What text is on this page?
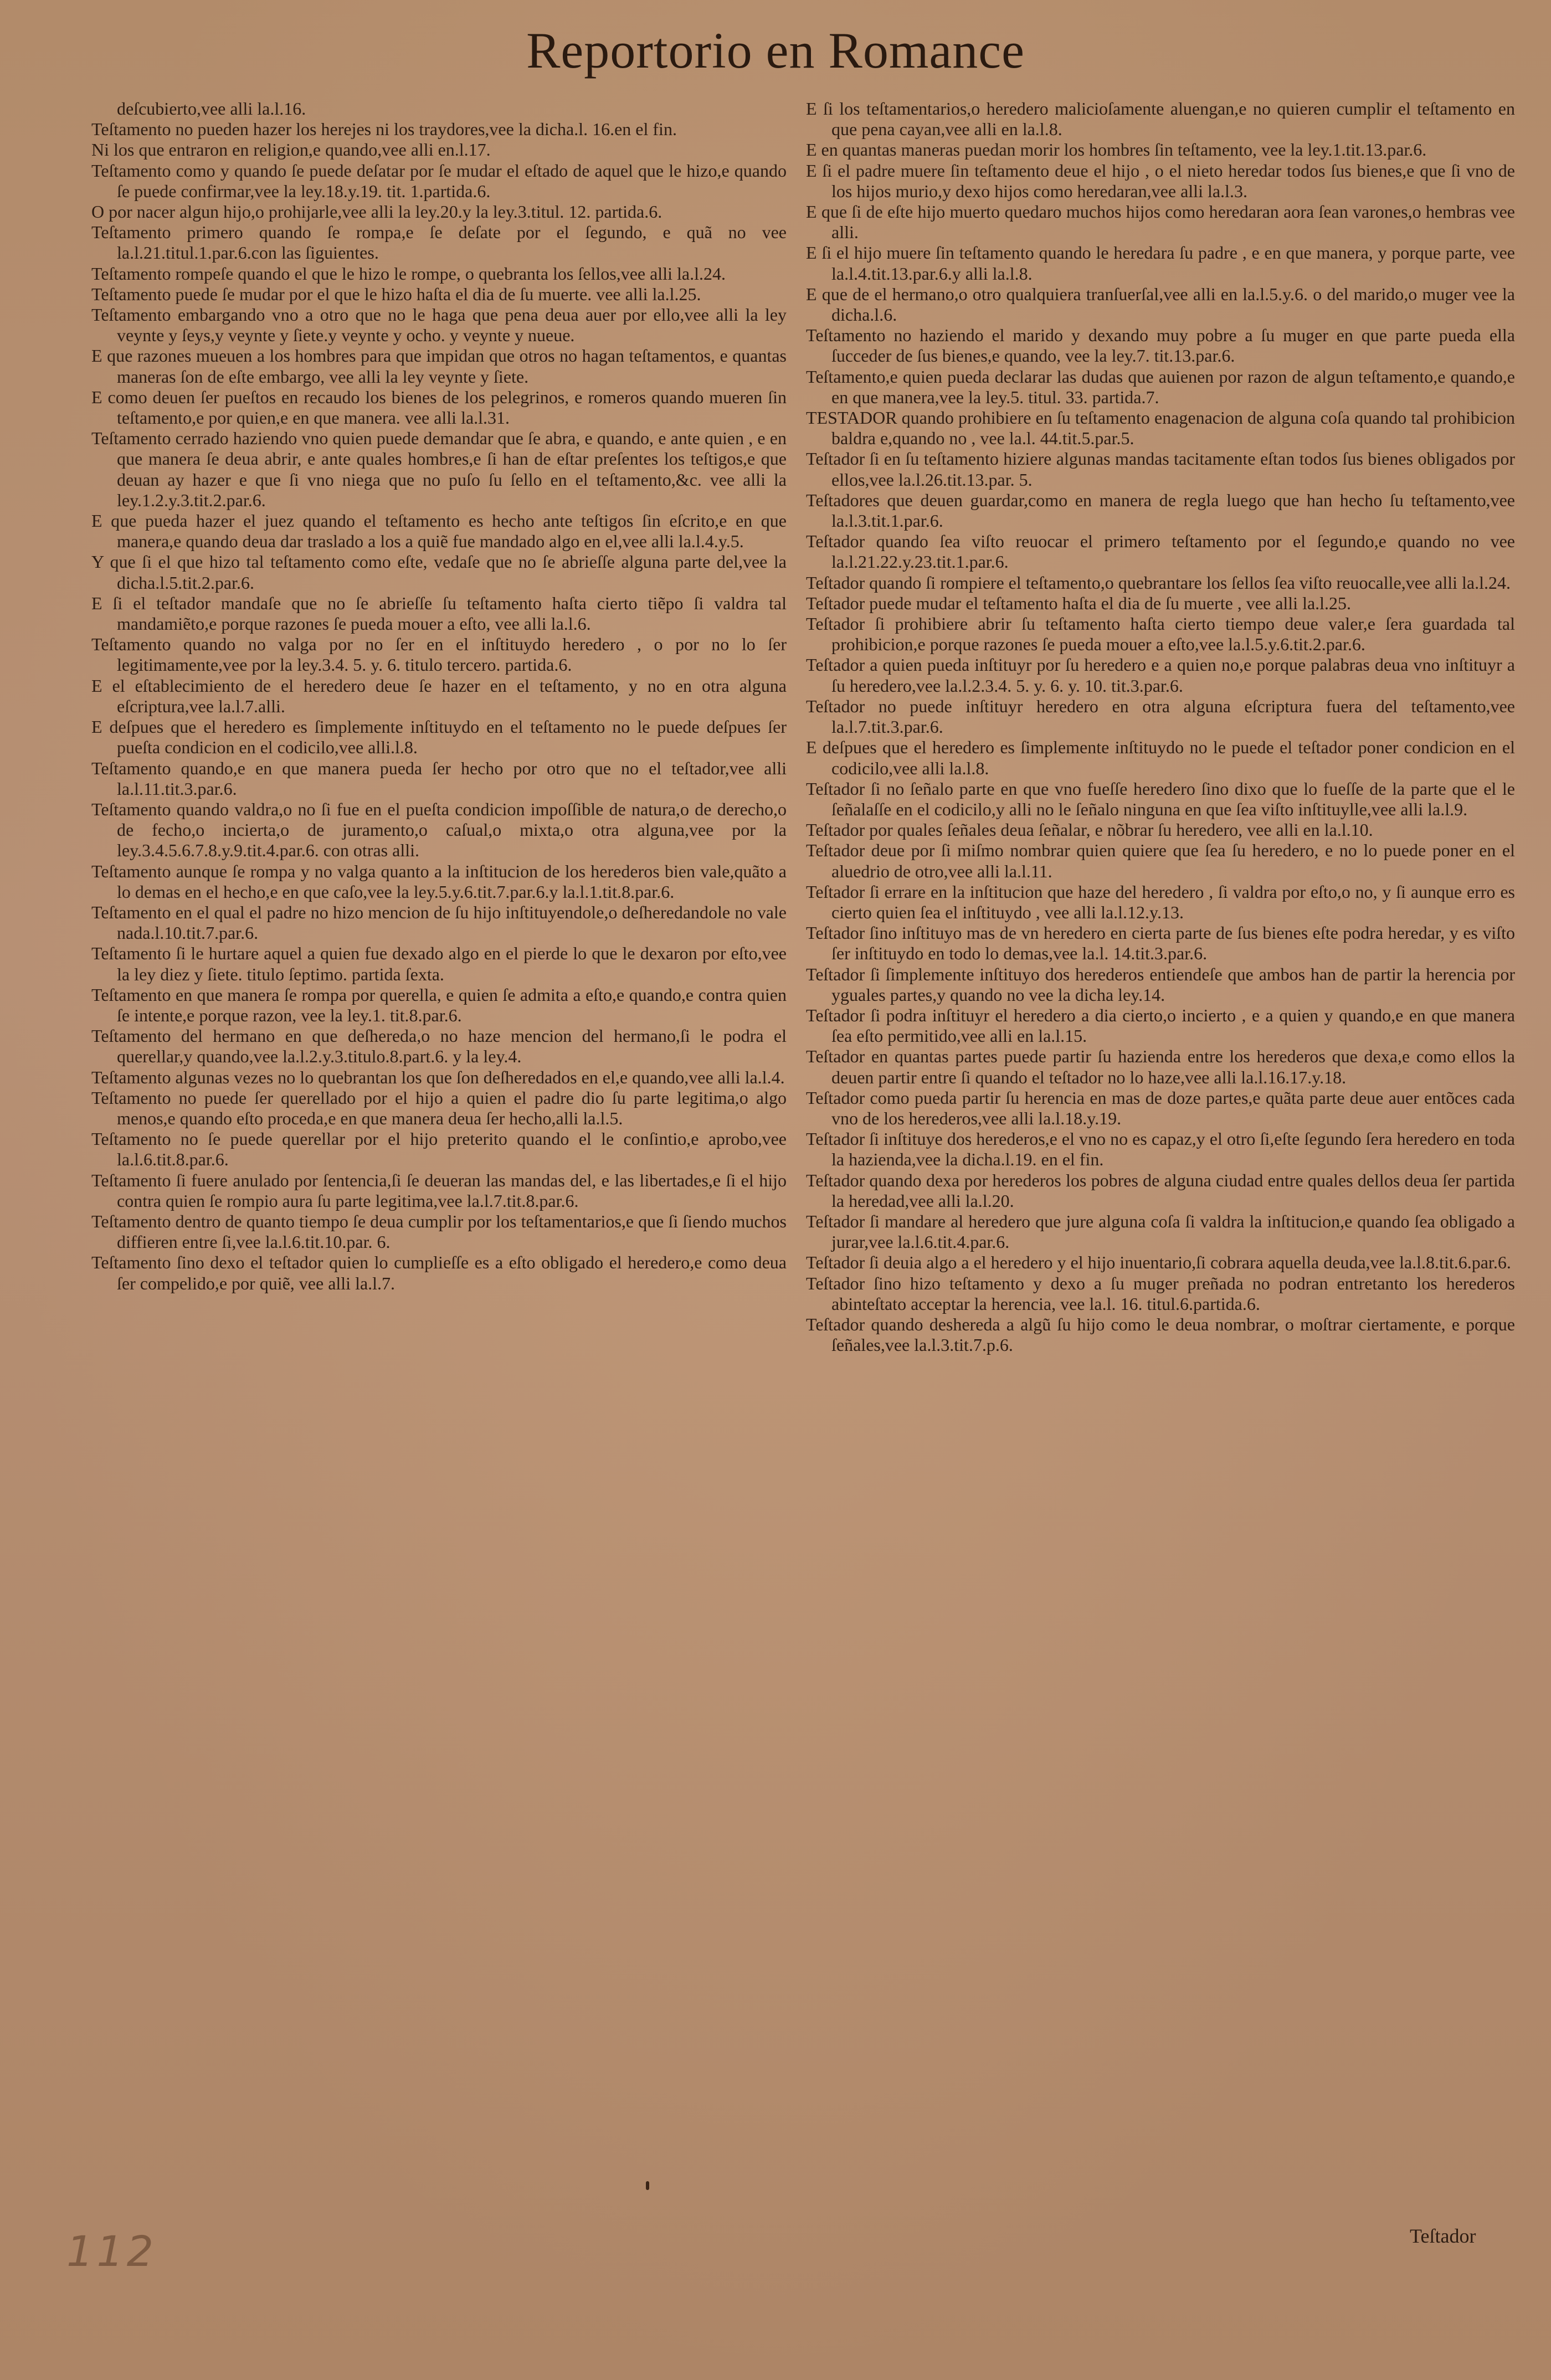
Reportorio en Romance

deſcubierto,vee alli la.l.16.

Teſtamento no pueden hazer los herejes ni los traydores,vee la dicha.l. 16.en el fin.

Ni los que entraron en religion,e quando,vee alli en.l.17.

Teſtamento como y quando ſe puede deſatar por ſe mudar el eſtado de aquel que le hizo,e quando ſe puede confirmar,vee la ley.18.y.19. tit. 1.partida.6.

O por nacer algun hijo,o prohijarle,vee alli la ley.20.y la ley.3.titul. 12. partida.6.

Teſtamento primero quando ſe rompa,e ſe deſate por el ſegundo, e quã no vee la.l.21.titul.1.par.6.con las ſiguientes.

Teſtamento rompeſe quando el que le hizo le rompe, o quebranta los ſellos,vee alli la.l.24.

Teſtamento puede ſe mudar por el que le hizo haſta el dia de ſu muerte. vee alli la.l.25.

Teſtamento embargando vno a otro que no le haga que pena deua auer por ello,vee alli la ley veynte y ſeys,y veynte y ſiete.y veynte y ocho. y veynte y nueue.

E que razones mueuen a los hombres para que impidan que otros no hagan teſtamentos, e quantas maneras ſon de eſte embargo, vee alli la ley veynte y ſiete.

E como deuen ſer pueſtos en recaudo los bienes de los pelegrinos, e romeros quando mueren ſin teſtamento,e por quien,e en que manera. vee alli la.l.31.

Teſtamento cerrado haziendo vno quien puede demandar que ſe abra, e quando, e ante quien , e en que manera ſe deua abrir, e ante quales hombres,e ſi han de eſtar preſentes los teſtigos,e que deuan ay hazer e que ſi vno niega que no puſo ſu ſello en el teſtamento,&c. vee alli la ley.1.2.y.3.tit.2.par.6.

E que pueda hazer el juez quando el teſtamento es hecho ante teſtigos ſin eſcrito,e en que manera,e quando deua dar traslado a los a quiẽ fue mandado algo en el,vee alli la.l.4.y.5.

Y que ſi el que hizo tal teſtamento como eſte, vedaſe que no ſe abrieſſe alguna parte del,vee la dicha.l.5.tit.2.par.6.

E ſi el teſtador mandaſe que no ſe abrieſſe ſu teſtamento haſta cierto tiẽpo ſi valdra tal mandamiẽto,e porque razones ſe pueda mouer a eſto, vee alli la.l.6.

Teſtamento quando no valga por no ſer en el inſtituydo heredero , o por no lo ſer legitimamente,vee por la ley.3.4. 5. y. 6. titulo tercero. partida.6.

E el eſtablecimiento de el heredero deue ſe hazer en el teſtamento, y no en otra alguna eſcriptura,vee la.l.7.alli.

E deſpues que el heredero es ſimplemente inſtituydo en el teſtamento no le puede deſpues ſer pueſta condicion en el codicilo,vee alli.l.8.

Teſtamento quando,e en que manera pueda ſer hecho por otro que no el teſtador,vee alli la.l.11.tit.3.par.6.

Teſtamento quando valdra,o no ſi fue en el pueſta condicion impoſſible de natura,o de derecho,o de fecho,o incierta,o de juramento,o caſual,o mixta,o otra alguna,vee por la ley.3.4.5.6.7.8.y.9.tit.4.par.6. con otras alli.

Teſtamento aunque ſe rompa y no valga quanto a la inſtitucion de los herederos bien vale,quãto a lo demas en el hecho,e en que caſo,vee la ley.5.y.6.tit.7.par.6.y la.l.1.tit.8.par.6.

Teſtamento en el qual el padre no hizo mencion de ſu hijo inſtituyendole,o deſheredandole no vale nada.l.10.tit.7.par.6.

Teſtamento ſi le hurtare aquel a quien fue dexado algo en el pierde lo que le dexaron por eſto,vee la ley diez y ſiete. titulo ſeptimo. partida ſexta.

Teſtamento en que manera ſe rompa por querella, e quien ſe admita a eſto,e quando,e contra quien ſe intente,e porque razon, vee la ley.1. tit.8.par.6.

Teſtamento del hermano en que deſhereda,o no haze mencion del hermano,ſi le podra el querellar,y quando,vee la.l.2.y.3.titulo.8.part.6. y la ley.4.

Teſtamento algunas vezes no lo quebrantan los que ſon deſheredados en el,e quando,vee alli la.l.4.

Teſtamento no puede ſer querellado por el hijo a quien el padre dio ſu parte legitima,o algo menos,e quando eſto proceda,e en que manera deua ſer hecho,alli la.l.5.

Teſtamento no ſe puede querellar por el hijo preterito quando el le conſintio,e aprobo,vee la.l.6.tit.8.par.6.

Teſtamento ſi fuere anulado por ſentencia,ſi ſe deueran las mandas del, e las libertades,e ſi el hijo contra quien ſe rompio aura ſu parte legitima,vee la.l.7.tit.8.par.6.

Teſtamento dentro de quanto tiempo ſe deua cumplir por los teſtamentarios,e que ſi ſiendo muchos diffieren entre ſi,vee la.l.6.tit.10.par. 6.

Teſtamento ſino dexo el teſtador quien lo cumplieſſe es a eſto obligado el heredero,e como deua ſer compelido,e por quiẽ, vee alli la.l.7.

E ſi los teſtamentarios,o heredero malicioſamente aluengan,e no quieren cumplir el teſtamento en que pena cayan,vee alli en la.l.8.

E en quantas maneras puedan morir los hombres ſin teſtamento, vee la ley.1.tit.13.par.6.

E ſi el padre muere ſin teſtamento deue el hijo , o el nieto heredar todos ſus bienes,e que ſi vno de los hijos murio,y dexo hijos como heredaran,vee alli la.l.3.

E que ſi de eſte hijo muerto quedaro muchos hijos como heredaran aora ſean varones,o hembras vee alli.

E ſi el hijo muere ſin teſtamento quando le heredara ſu padre , e en que manera, y porque parte, vee la.l.4.tit.13.par.6.y alli la.l.8.

E que de el hermano,o otro qualquiera tranſuerſal,vee alli en la.l.5.y.6. o del marido,o muger vee la dicha.l.6.

Teſtamento no haziendo el marido y dexando muy pobre a ſu muger en que parte pueda ella ſucceder de ſus bienes,e quando, vee la ley.7. tit.13.par.6.

Teſtamento,e quien pueda declarar las dudas que auienen por razon de algun teſtamento,e quando,e en que manera,vee la ley.5. titul. 33. partida.7.

TESTADOR quando prohibiere en ſu teſtamento enagenacion de alguna coſa quando tal prohibicion baldra e,quando no , vee la.l. 44.tit.5.par.5.

Teſtador ſi en ſu teſtamento hiziere algunas mandas tacitamente eſtan todos ſus bienes obligados por ellos,vee la.l.26.tit.13.par. 5.

Teſtadores que deuen guardar,como en manera de regla luego que han hecho ſu teſtamento,vee la.l.3.tit.1.par.6.

Teſtador quando ſea viſto reuocar el primero teſtamento por el ſegundo,e quando no vee la.l.21.22.y.23.tit.1.par.6.

Teſtador quando ſi rompiere el teſtamento,o quebrantare los ſellos ſea viſto reuocalle,vee alli la.l.24.

Teſtador puede mudar el teſtamento haſta el dia de ſu muerte , vee alli la.l.25.

Teſtador ſi prohibiere abrir ſu teſtamento haſta cierto tiempo deue valer,e ſera guardada tal prohibicion,e porque razones ſe pueda mouer a eſto,vee la.l.5.y.6.tit.2.par.6.

Teſtador a quien pueda inſtituyr por ſu heredero e a quien no,e porque palabras deua vno inſtituyr a ſu heredero,vee la.l.2.3.4. 5. y. 6. y. 10. tit.3.par.6.

Teſtador no puede inſtituyr heredero en otra alguna eſcriptura fuera del teſtamento,vee la.l.7.tit.3.par.6.

E deſpues que el heredero es ſimplemente inſtituydo no le puede el teſtador poner condicion en el codicilo,vee alli la.l.8.

Teſtador ſi no ſeñalo parte en que vno fueſſe heredero ſino dixo que lo fueſſe de la parte que el le ſeñalaſſe en el codicilo,y alli no le ſeñalo ninguna en que ſea viſto inſtituylle,vee alli la.l.9.

Teſtador por quales ſeñales deua ſeñalar, e nõbrar ſu heredero, vee alli en la.l.10.

Teſtador deue por ſi miſmo nombrar quien quiere que ſea ſu heredero, e no lo puede poner en el aluedrio de otro,vee alli la.l.11.

Teſtador ſi errare en la inſtitucion que haze del heredero , ſi valdra por eſto,o no, y ſi aunque erro es cierto quien ſea el inſtituydo , vee alli la.l.12.y.13.

Teſtador ſino inſtituyo mas de vn heredero en cierta parte de ſus bienes eſte podra heredar, y es viſto ſer inſtituydo en todo lo demas,vee la.l. 14.tit.3.par.6.

Teſtador ſi ſimplemente inſtituyo dos herederos entiendeſe que ambos han de partir la herencia por yguales partes,y quando no vee la dicha ley.14.

Teſtador ſi podra inſtituyr el heredero a dia cierto,o incierto , e a quien y quando,e en que manera ſea eſto permitido,vee alli en la.l.15.

Teſtador en quantas partes puede partir ſu hazienda entre los herederos que dexa,e como ellos la deuen partir entre ſi quando el teſtador no lo haze,vee alli la.l.16.17.y.18.

Teſtador como pueda partir ſu herencia en mas de doze partes,e quãta parte deue auer entõces cada vno de los herederos,vee alli la.l.18.y.19.

Teſtador ſi inſtituye dos herederos,e el vno no es capaz,y el otro ſi,eſte ſegundo ſera heredero en toda la hazienda,vee la dicha.l.19. en el fin.

Teſtador quando dexa por herederos los pobres de alguna ciudad entre quales dellos deua ſer partida la heredad,vee alli la.l.20.

Teſtador ſi mandare al heredero que jure alguna coſa ſi valdra la inſtitucion,e quando ſea obligado a jurar,vee la.l.6.tit.4.par.6.

Teſtador ſi deuia algo a el heredero y el hijo inuentario,ſi cobrara aquella deuda,vee la.l.8.tit.6.par.6.

Teſtador ſino hizo teſtamento y dexo a ſu muger preñada no podran entretanto los herederos abinteſtato acceptar la herencia, vee la.l. 16. titul.6.partida.6.

Teſtador quando deshereda a algũ ſu hijo como le deua nombrar, o moſtrar ciertamente, e porque ſeñales,vee la.l.3.tit.7.p.6.

112	Teſtador
